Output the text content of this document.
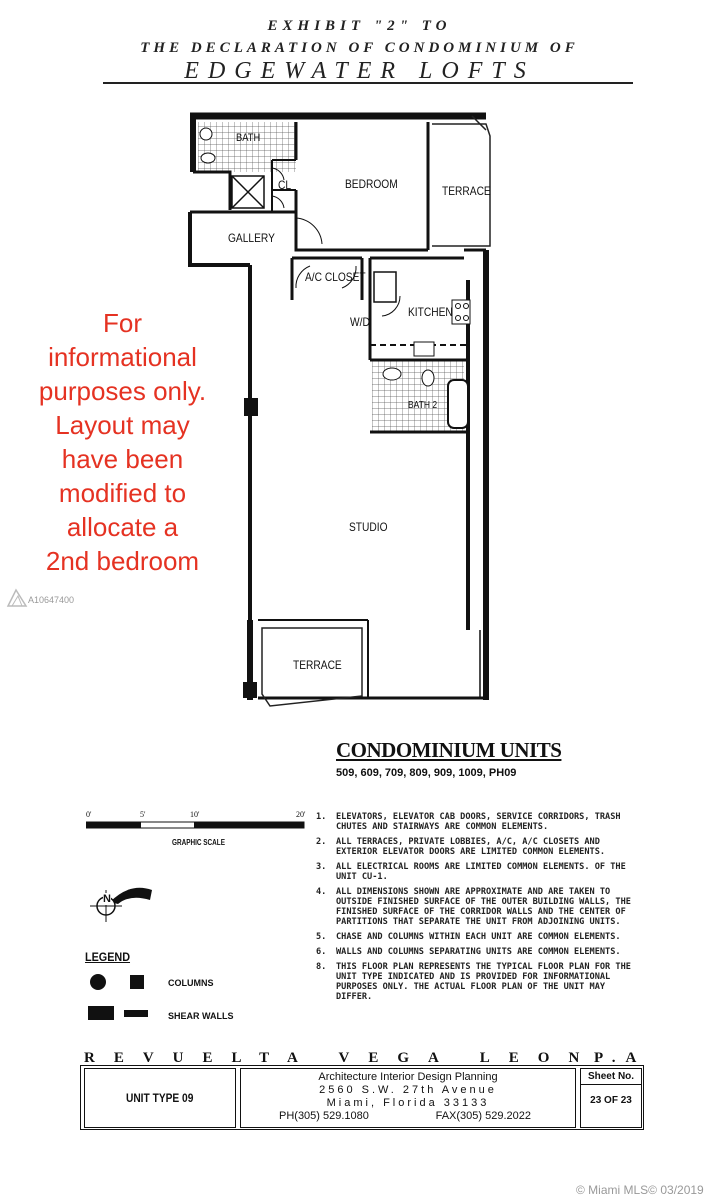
EXHIBIT "2" TO
THE DECLARATION OF CONDOMINIUM OF
EDGEWATER LOFTS
BATH
BEDROOM
CL	TERRACE
GALLERY
A/C CLOSET
W/D
KITCHEN
BATH 2
STUDIO
TERRACE
For
informational
purposes only.
Layout may
have been
modified to
allocate a
2nd bedroom
A10647400
CONDOMINIUM UNITS
509, 609, 709, 809, 909, 1009, PH09
0'	5'	10'	20'
GRAPHIC SCALE
N
1.	ELEVATORS, ELEVATOR CAB DOORS, SERVICE CORRIDORS, TRASH CHUTES AND STAIRWAYS ARE COMMON ELEMENTS.
2.	ALL TERRACES, PRIVATE LOBBIES, A/C, A/C CLOSETS AND EXTERIOR ELEVATOR DOORS ARE LIMITED COMMON ELEMENTS.
3.	ALL ELECTRICAL ROOMS ARE LIMITED COMMON ELEMENTS. OF THE UNIT CU-1.
4.	ALL DIMENSIONS SHOWN ARE APPROXIMATE AND ARE TAKEN TO OUTSIDE FINISHED SURFACE OF THE OUTER BUILDING WALLS, THE FINISHED SURFACE OF THE CORRIDOR WALLS AND THE CENTER OF PARTITIONS THAT SEPARATE THE UNIT FROM ADJOINING UNITS.
5.	CHASE AND COLUMNS WITHIN EACH UNIT ARE COMMON ELEMENTS.
6.	WALLS AND COLUMNS SEPARATING UNITS ARE COMMON ELEMENTS.
8.	THIS FLOOR PLAN REPRESENTS THE TYPICAL FLOOR PLAN FOR THE UNIT TYPE INDICATED AND IS PROVIDED FOR INFORMATIONAL PURPOSES ONLY. THE ACTUAL FLOOR PLAN OF THE UNIT MAY DIFFER.
LEGEND
COLUMNS
SHEAR WALLS
REVUELTA VEGA LEON
P.A
UNIT TYPE 09
Architecture Interior Design Planning
2560 S.W. 27th Avenue
Miami, Florida 33133
PH(305) 529.1080	FAX(305) 529.2022
Sheet No.
23 OF 23
© Miami MLS© 03/2019
